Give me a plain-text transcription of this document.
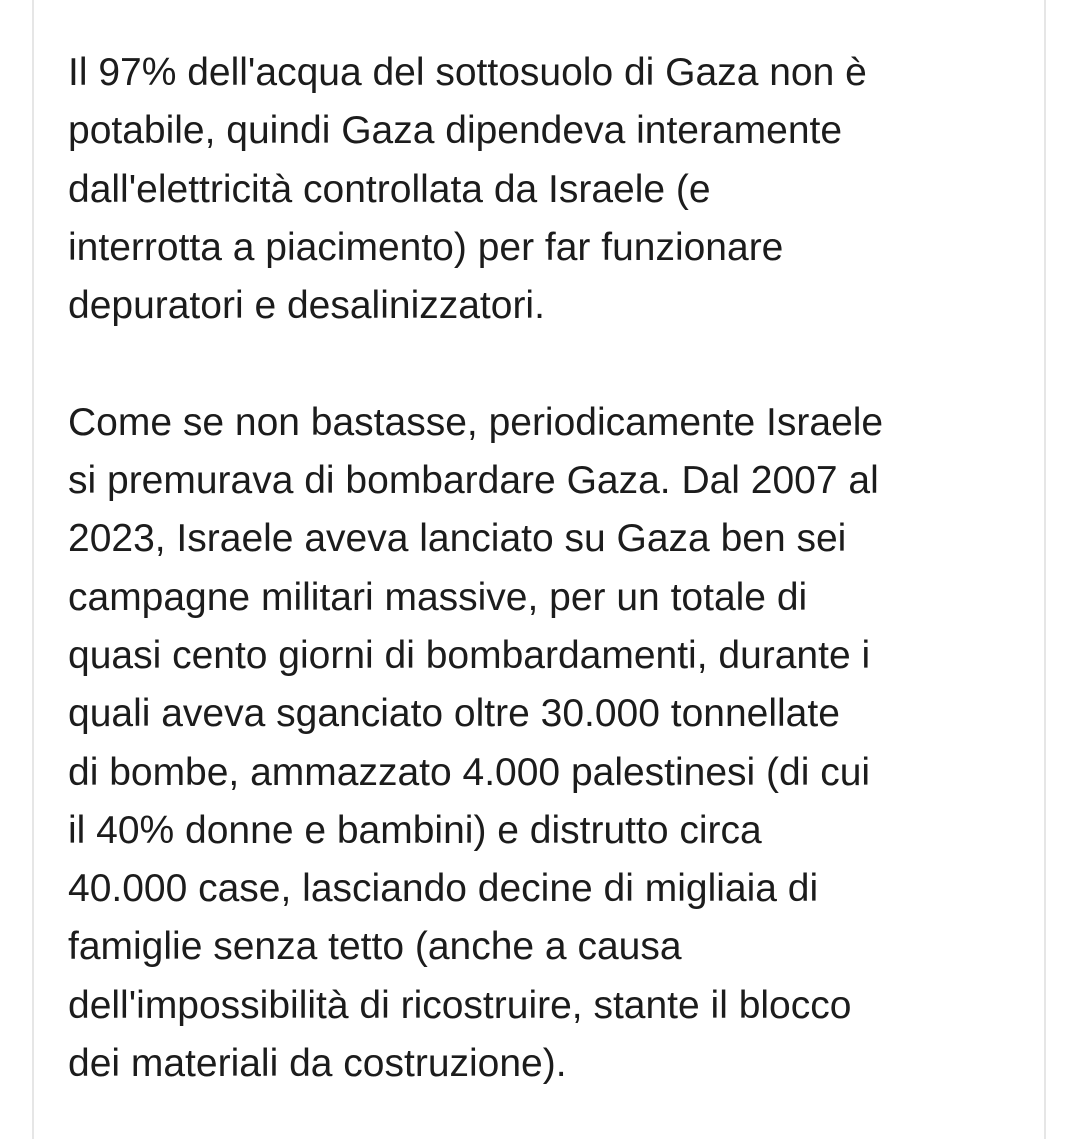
Il 97% dell'acqua del sottosuolo di Gaza non è
potabile, quindi Gaza dipendeva interamente
dall'elettricità controllata da Israele (e
interrotta a piacimento) per far funzionare
depuratori e desalinizzatori.

Come se non bastasse, periodicamente Israele
si premurava di bombardare Gaza. Dal 2007 al
2023, Israele aveva lanciato su Gaza ben sei
campagne militari massive, per un totale di
quasi cento giorni di bombardamenti, durante i
quali aveva sganciato oltre 30.000 tonnellate
di bombe, ammazzato 4.000 palestinesi (di cui
il 40% donne e bambini) e distrutto circa
40.000 case, lasciando decine di migliaia di
famiglie senza tetto (anche a causa
dell'impossibilità di ricostruire, stante il blocco
dei materiali da costruzione).
